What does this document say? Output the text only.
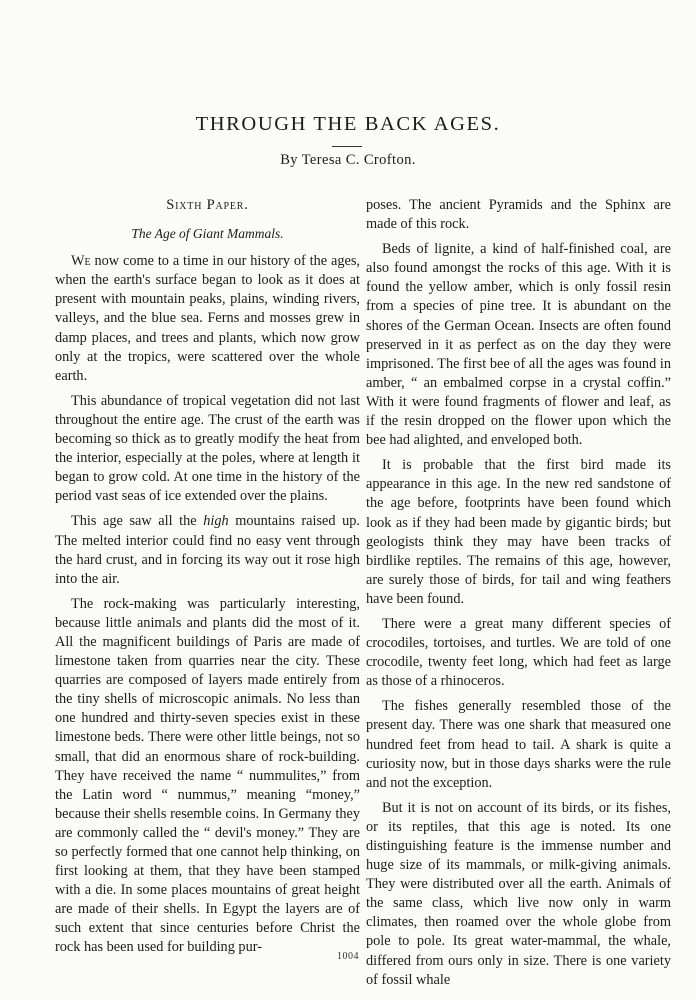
THROUGH THE BACK AGES.
By Teresa C. Crofton.
Sixth Paper.
The Age of Giant Mammals.

We now come to a time in our history of the ages, when the earth's surface began to look as it does at present with mountain peaks, plains, winding rivers, valleys, and the blue sea. Ferns and mosses grew in damp places, and trees and plants, which now grow only at the tropics, were scattered over the whole earth.

This abundance of tropical vegetation did not last throughout the entire age. The crust of the earth was becoming so thick as to greatly modify the heat from the interior, especially at the poles, where at length it began to grow cold. At one time in the history of the period vast seas of ice extended over the plains.

This age saw all the high mountains raised up. The melted interior could find no easy vent through the hard crust, and in forcing its way out it rose high into the air.

The rock-making was particularly interesting, because little animals and plants did the most of it. All the magnificent buildings of Paris are made of limestone taken from quarries near the city. These quarries are composed of layers made entirely from the tiny shells of microscopic animals. No less than one hundred and thirty-seven species exist in these limestone beds. There were other little beings, not so small, that did an enormous share of rock-building. They have received the name “ nummulites,” from the Latin word “ nummus,” meaning “money,” because their shells resemble coins. In Germany they are commonly called the “ devil's money.” They are so perfectly formed that one cannot help thinking, on first looking at them, that they have been stamped with a die. In some places mountains of great height are made of their shells. In Egypt the layers are of such extent that since centuries before Christ the rock has been used for building pur-

poses. The ancient Pyramids and the Sphinx are made of this rock.

Beds of lignite, a kind of half-finished coal, are also found amongst the rocks of this age. With it is found the yellow amber, which is only fossil resin from a species of pine tree. It is abundant on the shores of the German Ocean. Insects are often found preserved in it as perfect as on the day they were imprisoned. The first bee of all the ages was found in amber, “ an embalmed corpse in a crystal coffin.” With it were found fragments of flower and leaf, as if the resin dropped on the flower upon which the bee had alighted, and enveloped both.

It is probable that the first bird made its appearance in this age. In the new red sandstone of the age before, footprints have been found which look as if they had been made by gigantic birds; but geologists think they may have been tracks of birdlike reptiles. The remains of this age, however, are surely those of birds, for tail and wing feathers have been found.

There were a great many different species of crocodiles, tortoises, and turtles. We are told of one crocodile, twenty feet long, which had feet as large as those of a rhinoceros.

The fishes generally resembled those of the present day. There was one shark that measured one hundred feet from head to tail. A shark is quite a curiosity now, but in those days sharks were the rule and not the exception.

But it is not on account of its birds, or its fishes, or its reptiles, that this age is noted. Its one distinguishing feature is the immense number and huge size of its mammals, or milk-giving animals. They were distributed over all the earth. Animals of the same class, which live now only in warm climates, then roamed over the whole globe from pole to pole. Its great water-mammal, the whale, differed from ours only in size. There is one variety of fossil whale

1004
